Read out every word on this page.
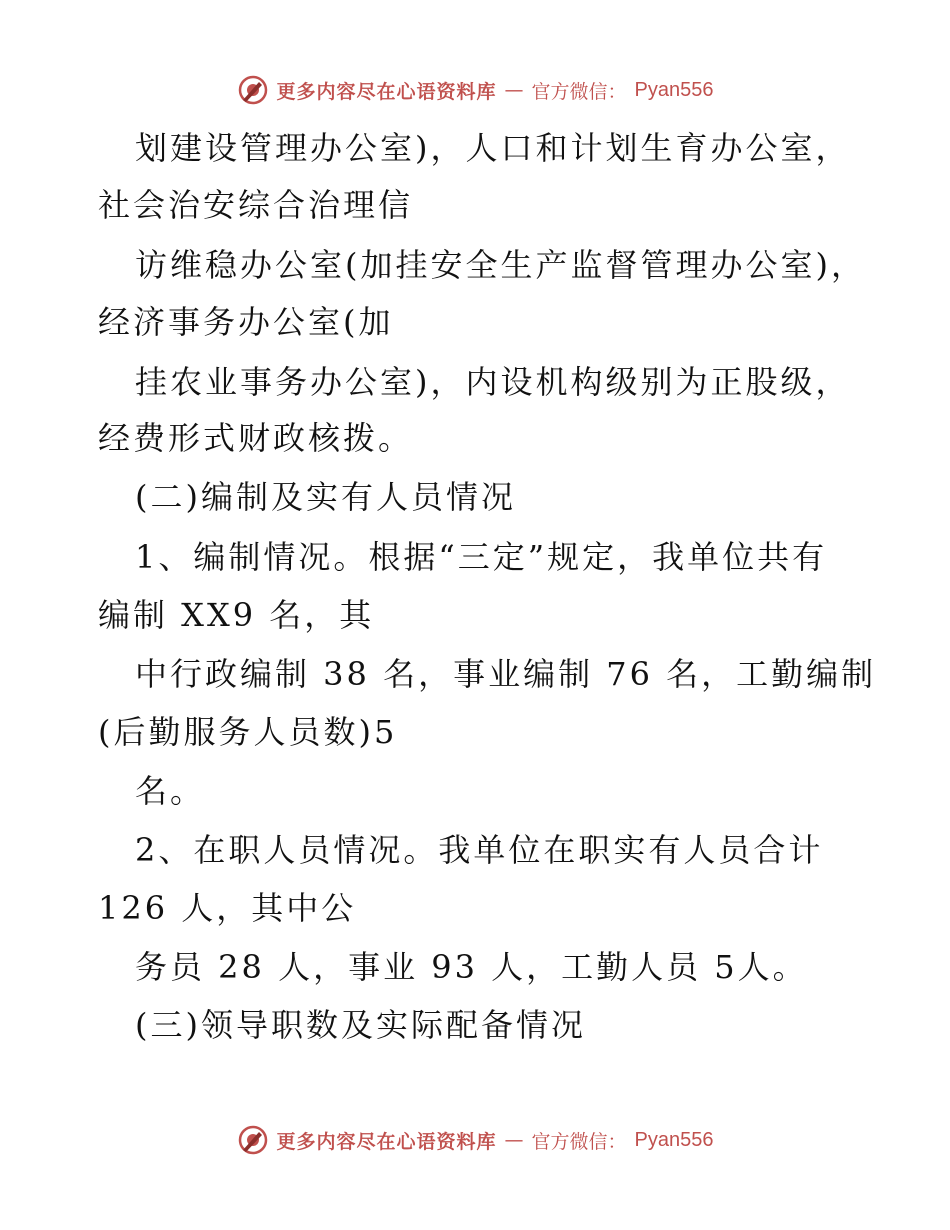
更多内容尽在心语资料库 — 官方微信： Pyan556
划建设管理办公室)，人口和计划生育办公室，
社会治安综合治理信
访维稳办公室(加挂安全生产监督管理办公室)，
经济事务办公室(加
挂农业事务办公室)，内设机构级别为正股级，
经费形式财政核拨。
(二)编制及实有人员情况
1、编制情况。根据“三定”规定，我单位共有
编制 XX9 名，其
中行政编制 38 名，事业编制 76 名，工勤编制
(后勤服务人员数)5
名。
2、在职人员情况。我单位在职实有人员合计
126 人，其中公
务员 28 人，事业 93 人，工勤人员 5人。
(三)领导职数及实际配备情况
更多内容尽在心语资料库 — 官方微信： Pyan556
